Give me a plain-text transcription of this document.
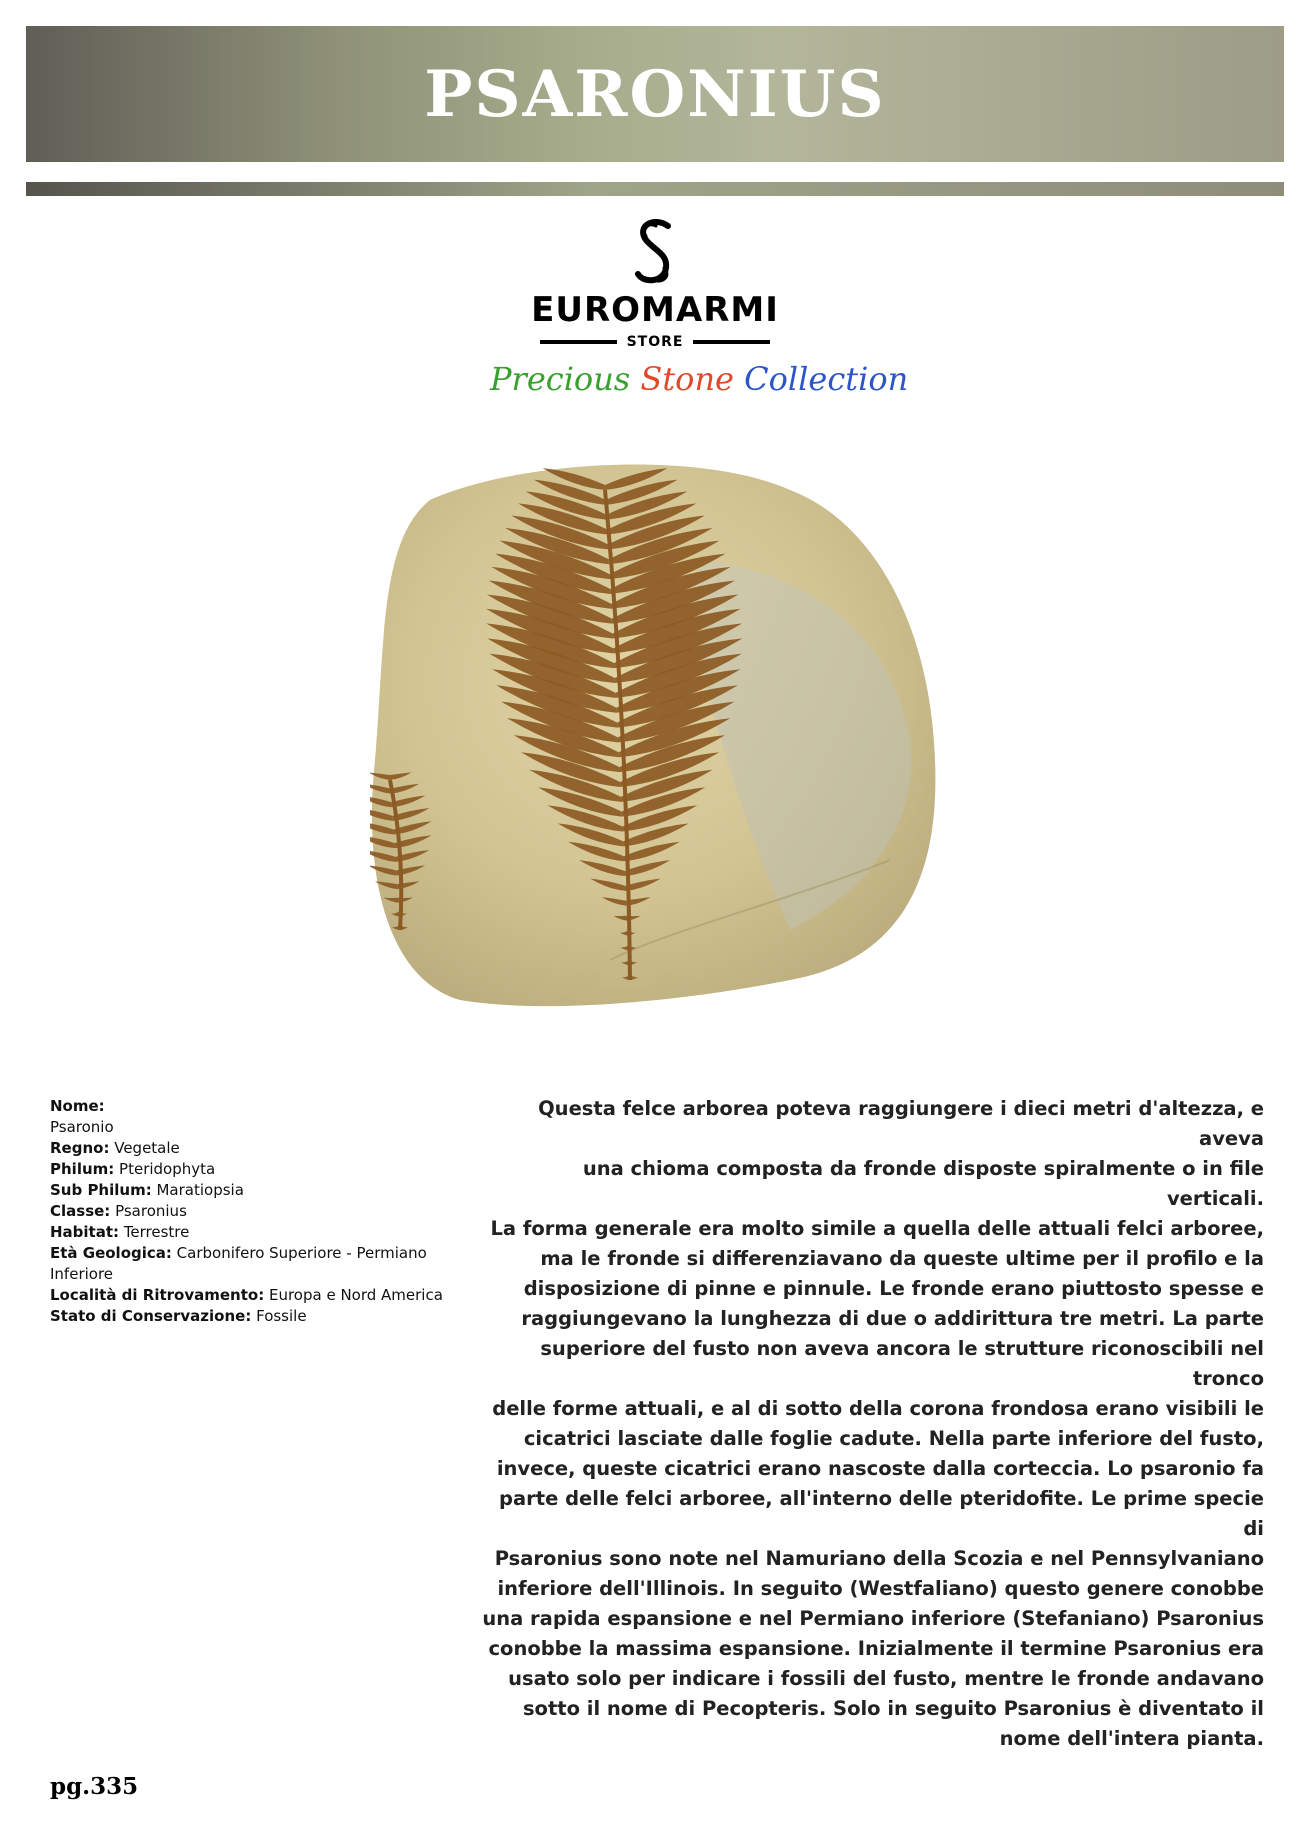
PSARONIUS
EUROMARMI
STORE
Precious Stone Collection
Nome:
Psaronio
Regno: Vegetale
Philum: Pteridophyta
Sub Philum: Maratiopsia
Classe: Psaronius
Habitat: Terrestre
Età Geologica: Carbonifero Superiore - Permiano Inferiore
Località di Ritrovamento: Europa e Nord America
Stato di Conservazione: Fossile
Questa felce arborea poteva raggiungere i dieci metri d'altezza, e aveva
una chioma composta da fronde disposte spiralmente o in file verticali.
La forma generale era molto simile a quella delle attuali felci arboree,
ma le fronde si differenziavano da queste ultime per il profilo e la
disposizione di pinne e pinnule. Le fronde erano piuttosto spesse e
raggiungevano la lunghezza di due o addirittura tre metri. La parte
superiore del fusto non aveva ancora le strutture riconoscibili nel tronco
delle forme attuali, e al di sotto della corona frondosa erano visibili le
cicatrici lasciate dalle foglie cadute. Nella parte inferiore del fusto,
invece, queste cicatrici erano nascoste dalla corteccia. Lo psaronio fa
parte delle felci arboree, all'interno delle pteridofite. Le prime specie di
Psaronius sono note nel Namuriano della Scozia e nel Pennsylvaniano
inferiore dell'Illinois. In seguito (Westfaliano) questo genere conobbe
una rapida espansione e nel Permiano inferiore (Stefaniano) Psaronius
conobbe la massima espansione. Inizialmente il termine Psaronius era
usato solo per indicare i fossili del fusto, mentre le fronde andavano
sotto il nome di Pecopteris. Solo in seguito Psaronius è diventato il
nome dell'intera pianta.
pg.335
